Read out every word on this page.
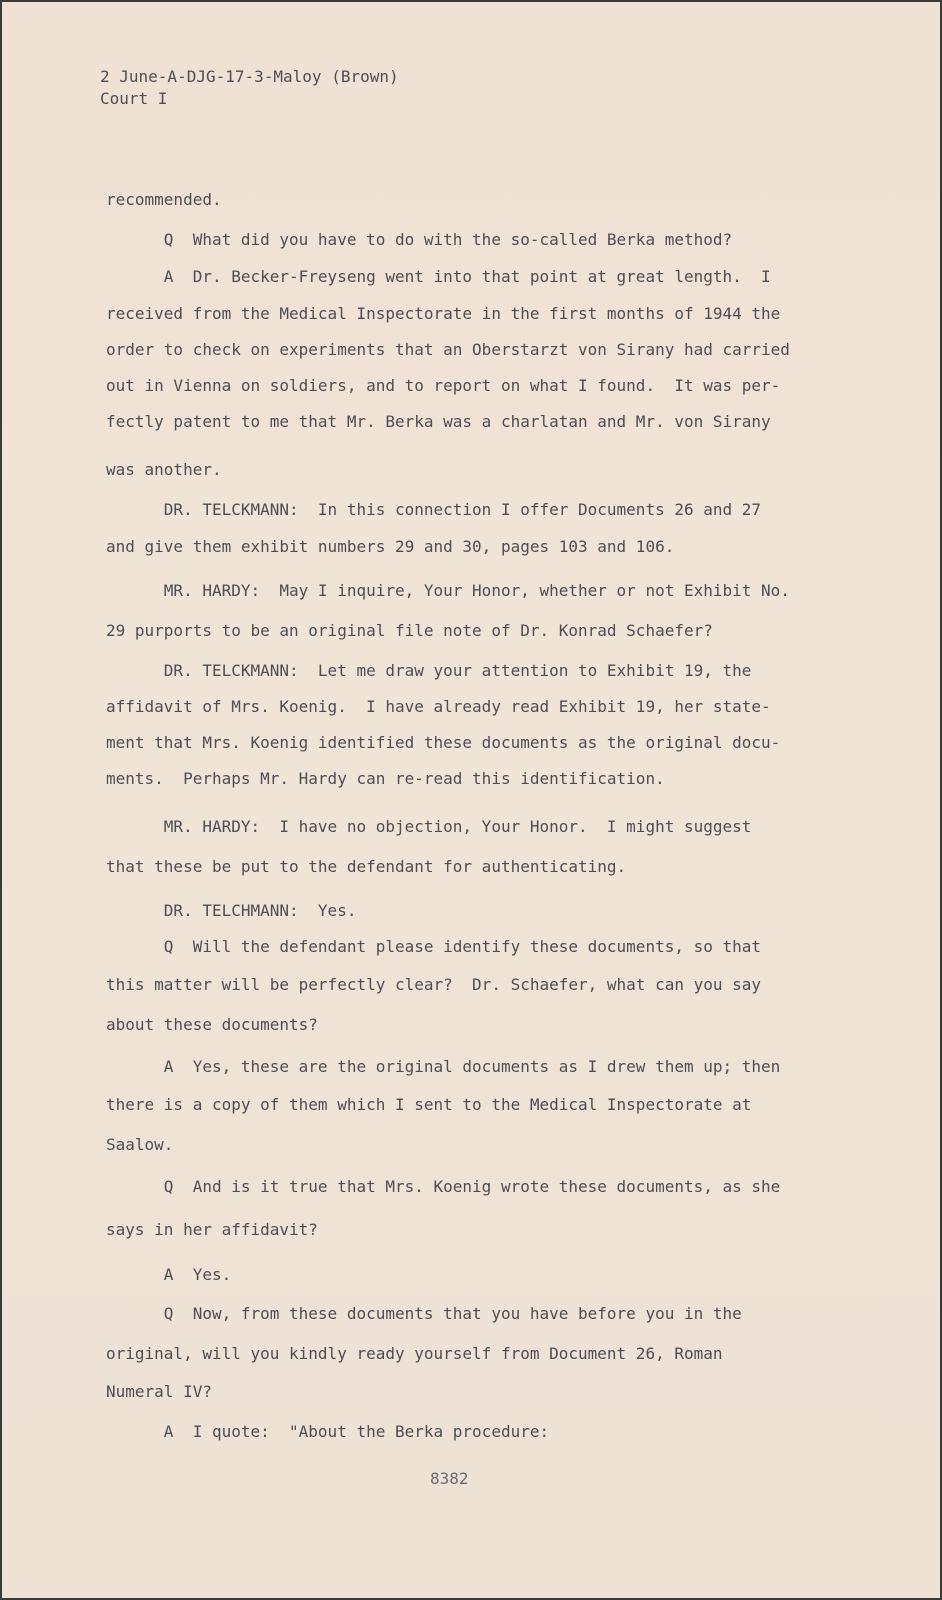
2 June-A-DJG-17-3-Maloy (Brown)
Court I
recommended.
Q  What did you have to do with the so-called Berka method?
A  Dr. Becker-Freyseng went into that point at great length.  I
received from the Medical Inspectorate in the first months of 1944 the
order to check on experiments that an Oberstarzt von Sirany had carried
out in Vienna on soldiers, and to report on what I found.  It was per-
fectly patent to me that Mr. Berka was a charlatan and Mr. von Sirany
was another.
DR. TELCKMANN:  In this connection I offer Documents 26 and 27
and give them exhibit numbers 29 and 30, pages 103 and 106.
MR. HARDY:  May I inquire, Your Honor, whether or not Exhibit No.
29 purports to be an original file note of Dr. Konrad Schaefer?
DR. TELCKMANN:  Let me draw your attention to Exhibit 19, the
affidavit of Mrs. Koenig.  I have already read Exhibit 19, her state-
ment that Mrs. Koenig identified these documents as the original docu-
ments.  Perhaps Mr. Hardy can re-read this identification.
MR. HARDY:  I have no objection, Your Honor.  I might suggest
that these be put to the defendant for authenticating.
DR. TELCHMANN:  Yes.
Q  Will the defendant please identify these documents, so that
this matter will be perfectly clear?  Dr. Schaefer, what can you say
about these documents?
A  Yes, these are the original documents as I drew them up; then
there is a copy of them which I sent to the Medical Inspectorate at
Saalow.
Q  And is it true that Mrs. Koenig wrote these documents, as she
says in her affidavit?
A  Yes.
Q  Now, from these documents that you have before you in the
original, will you kindly ready yourself from Document 26, Roman
Numeral IV?
A  I quote:  "About the Berka procedure:
8382
